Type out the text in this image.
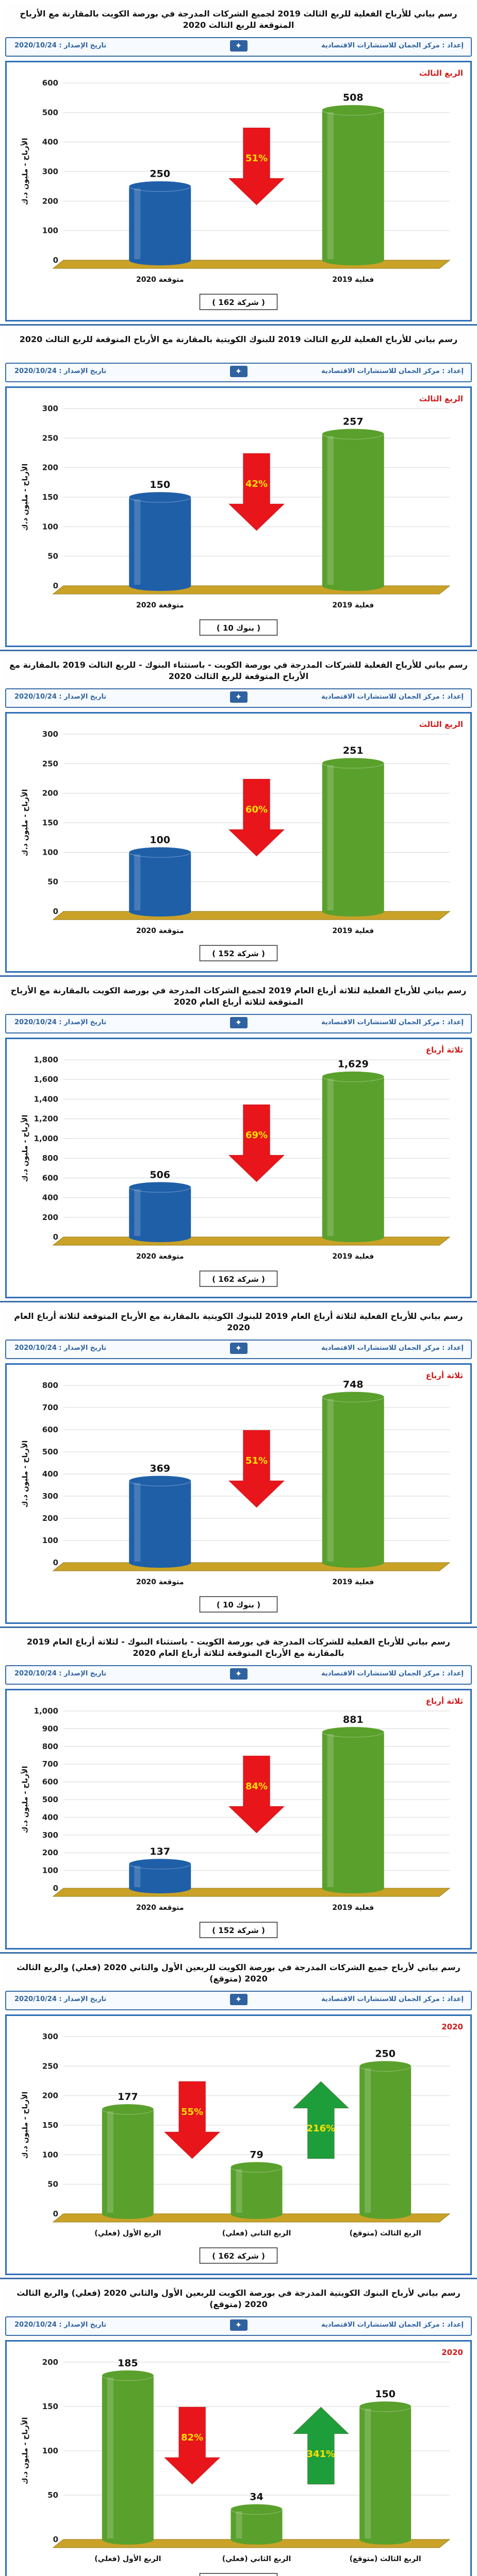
رسم بياني للأرباح الفعلية للربع الثالث 2019 لجميع الشركات المدرجة في بورصة الكويت بالمقارنة مع الأرباح المتوقعة للربع الثالث 2020
إعداد : مركز الجمان للاستشارات الاقتصادية
✦
تاريخ الإصدار : 2020/10/24
0
100
200
300
400
500
600
الأرباح - مليون د.ك
الربع الثالث
250
2020 متوقعة
508
2019 فعلية
51%
( 162 شركة )
رسم بياني للأرباح الفعلية للربع الثالث 2019 للبنوك الكويتية بالمقارنة مع الأرباح المتوقعة للربع الثالث 2020
إعداد : مركز الجمان للاستشارات الاقتصادية
✦
تاريخ الإصدار : 2020/10/24
0
50
100
150
200
250
300
الأرباح - مليون د.ك
الربع الثالث
150
2020 متوقعة
257
2019 فعلية
42%
( 10 بنوك )
رسم بياني للأرباح الفعلية للشركات المدرجة في بورصة الكويت - باستثناء البنوك - للربع الثالث 2019 بالمقارنة مع الأرباح المتوقعة للربع الثالث 2020
إعداد : مركز الجمان للاستشارات الاقتصادية
✦
تاريخ الإصدار : 2020/10/24
0
50
100
150
200
250
300
الأرباح - مليون د.ك
الربع الثالث
100
2020 متوقعة
251
2019 فعلية
60%
( 152 شركة )
رسم بياني للأرباح الفعلية لثلاثة أرباع العام 2019 لجميع الشركات المدرجة في بورصة الكويت بالمقارنة مع الأرباح المتوقعة لثلاثة أرباع العام 2020
إعداد : مركز الجمان للاستشارات الاقتصادية
✦
تاريخ الإصدار : 2020/10/24
0
200
400
600
800
1,000
1,200
1,400
1,600
1,800
الأرباح - مليون د.ك
ثلاثة أرباع
506
2020 متوقعة
1,629
2019 فعلية
69%
( 162 شركة )
رسم بياني للأرباح الفعلية لثلاثة أرباع العام 2019 للبنوك الكويتية بالمقارنة مع الأرباح المتوقعة لثلاثة أرباع العام 2020
إعداد : مركز الجمان للاستشارات الاقتصادية
✦
تاريخ الإصدار : 2020/10/24
0
100
200
300
400
500
600
700
800
الأرباح - مليون د.ك
ثلاثة أرباع
369
2020 متوقعة
748
2019 فعلية
51%
( 10 بنوك )
رسم بياني للأرباح الفعلية للشركات المدرجة في بورصة الكويت - باستثناء البنوك - لثلاثة أرباع العام 2019 بالمقارنة مع الأرباح المتوقعة لثلاثة أرباع العام 2020
إعداد : مركز الجمان للاستشارات الاقتصادية
✦
تاريخ الإصدار : 2020/10/24
0
100
200
300
400
500
600
700
800
900
1,000
الأرباح - مليون د.ك
ثلاثة أرباع
137
2020 متوقعة
881
2019 فعلية
84%
( 152 شركة )
رسم بياني لأرباح جميع الشركات المدرجة في بورصة الكويت للربعين الأول والثاني 2020 (فعلي) والربع الثالث 2020 (متوقع)
إعداد : مركز الجمان للاستشارات الاقتصادية
✦
تاريخ الإصدار : 2020/10/24
0
50
100
150
200
250
300
الأرباح - مليون د.ك
2020
177
الربع الأول (فعلي)
79
الربع الثاني (فعلي)
250
الربع الثالث (متوقع)
55%
216%
( 162 شركة )
رسم بياني لأرباح البنوك الكويتية المدرجة في بورصة الكويت للربعين الأول والثاني 2020 (فعلي) والربع الثالث 2020 (متوقع)
إعداد : مركز الجمان للاستشارات الاقتصادية
✦
تاريخ الإصدار : 2020/10/24
0
50
100
150
200
الأرباح - مليون د.ك
2020
185
الربع الأول (فعلي)
34
الربع الثاني (فعلي)
150
الربع الثالث (متوقع)
82%
341%
